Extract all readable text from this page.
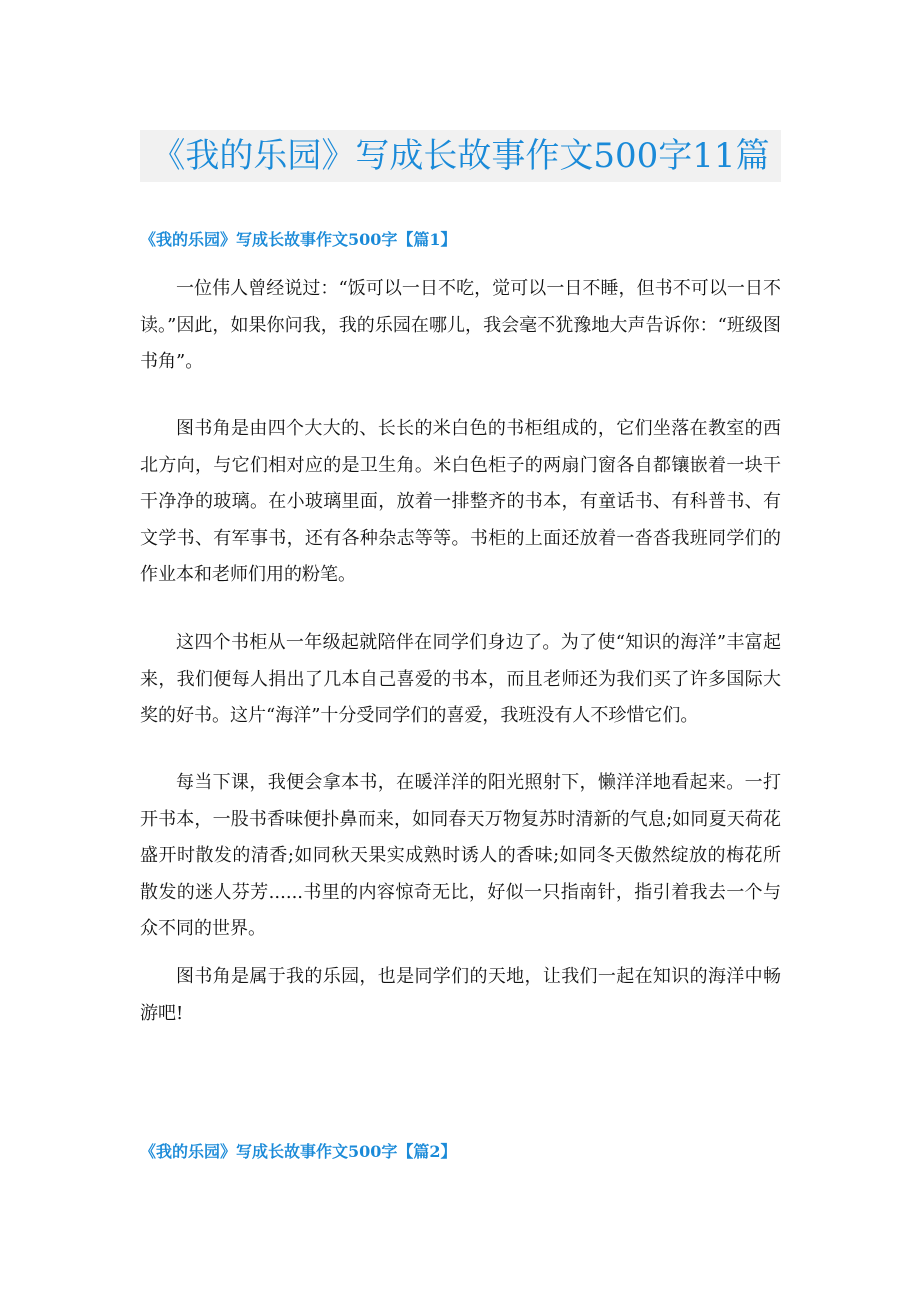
《我的乐园》写成长故事作文500字11篇
《我的乐园》写成长故事作文500字【篇1】

一位伟人曾经说过：“饭可以一日不吃，觉可以一日不睡，但书不可以一日不读。”因此，如果你问我，我的乐园在哪儿，我会毫不犹豫地大声告诉你：“班级图书角”。

图书角是由四个大大的、长长的米白色的书柜组成的，它们坐落在教室的西北方向，与它们相对应的是卫生角。米白色柜子的两扇门窗各自都镶嵌着一块干干净净的玻璃。在小玻璃里面，放着一排整齐的书本，有童话书、有科普书、有文学书、有军事书，还有各种杂志等等。书柜的上面还放着一沓沓我班同学们的作业本和老师们用的粉笔。

这四个书柜从一年级起就陪伴在同学们身边了。为了使“知识的海洋”丰富起来，我们便每人捐出了几本自己喜爱的书本，而且老师还为我们买了许多国际大奖的好书。这片“海洋”十分受同学们的喜爱，我班没有人不珍惜它们。

每当下课，我便会拿本书，在暖洋洋的阳光照射下，懒洋洋地看起来。一打开书本，一股书香味便扑鼻而来，如同春天万物复苏时清新的气息;如同夏天荷花盛开时散发的清香;如同秋天果实成熟时诱人的香味;如同冬天傲然绽放的梅花所散发的迷人芬芳......书里的内容惊奇无比，好似一只指南针，指引着我去一个与众不同的世界。

图书角是属于我的乐园，也是同学们的天地，让我们一起在知识的海洋中畅游吧!

《我的乐园》写成长故事作文500字【篇2】
